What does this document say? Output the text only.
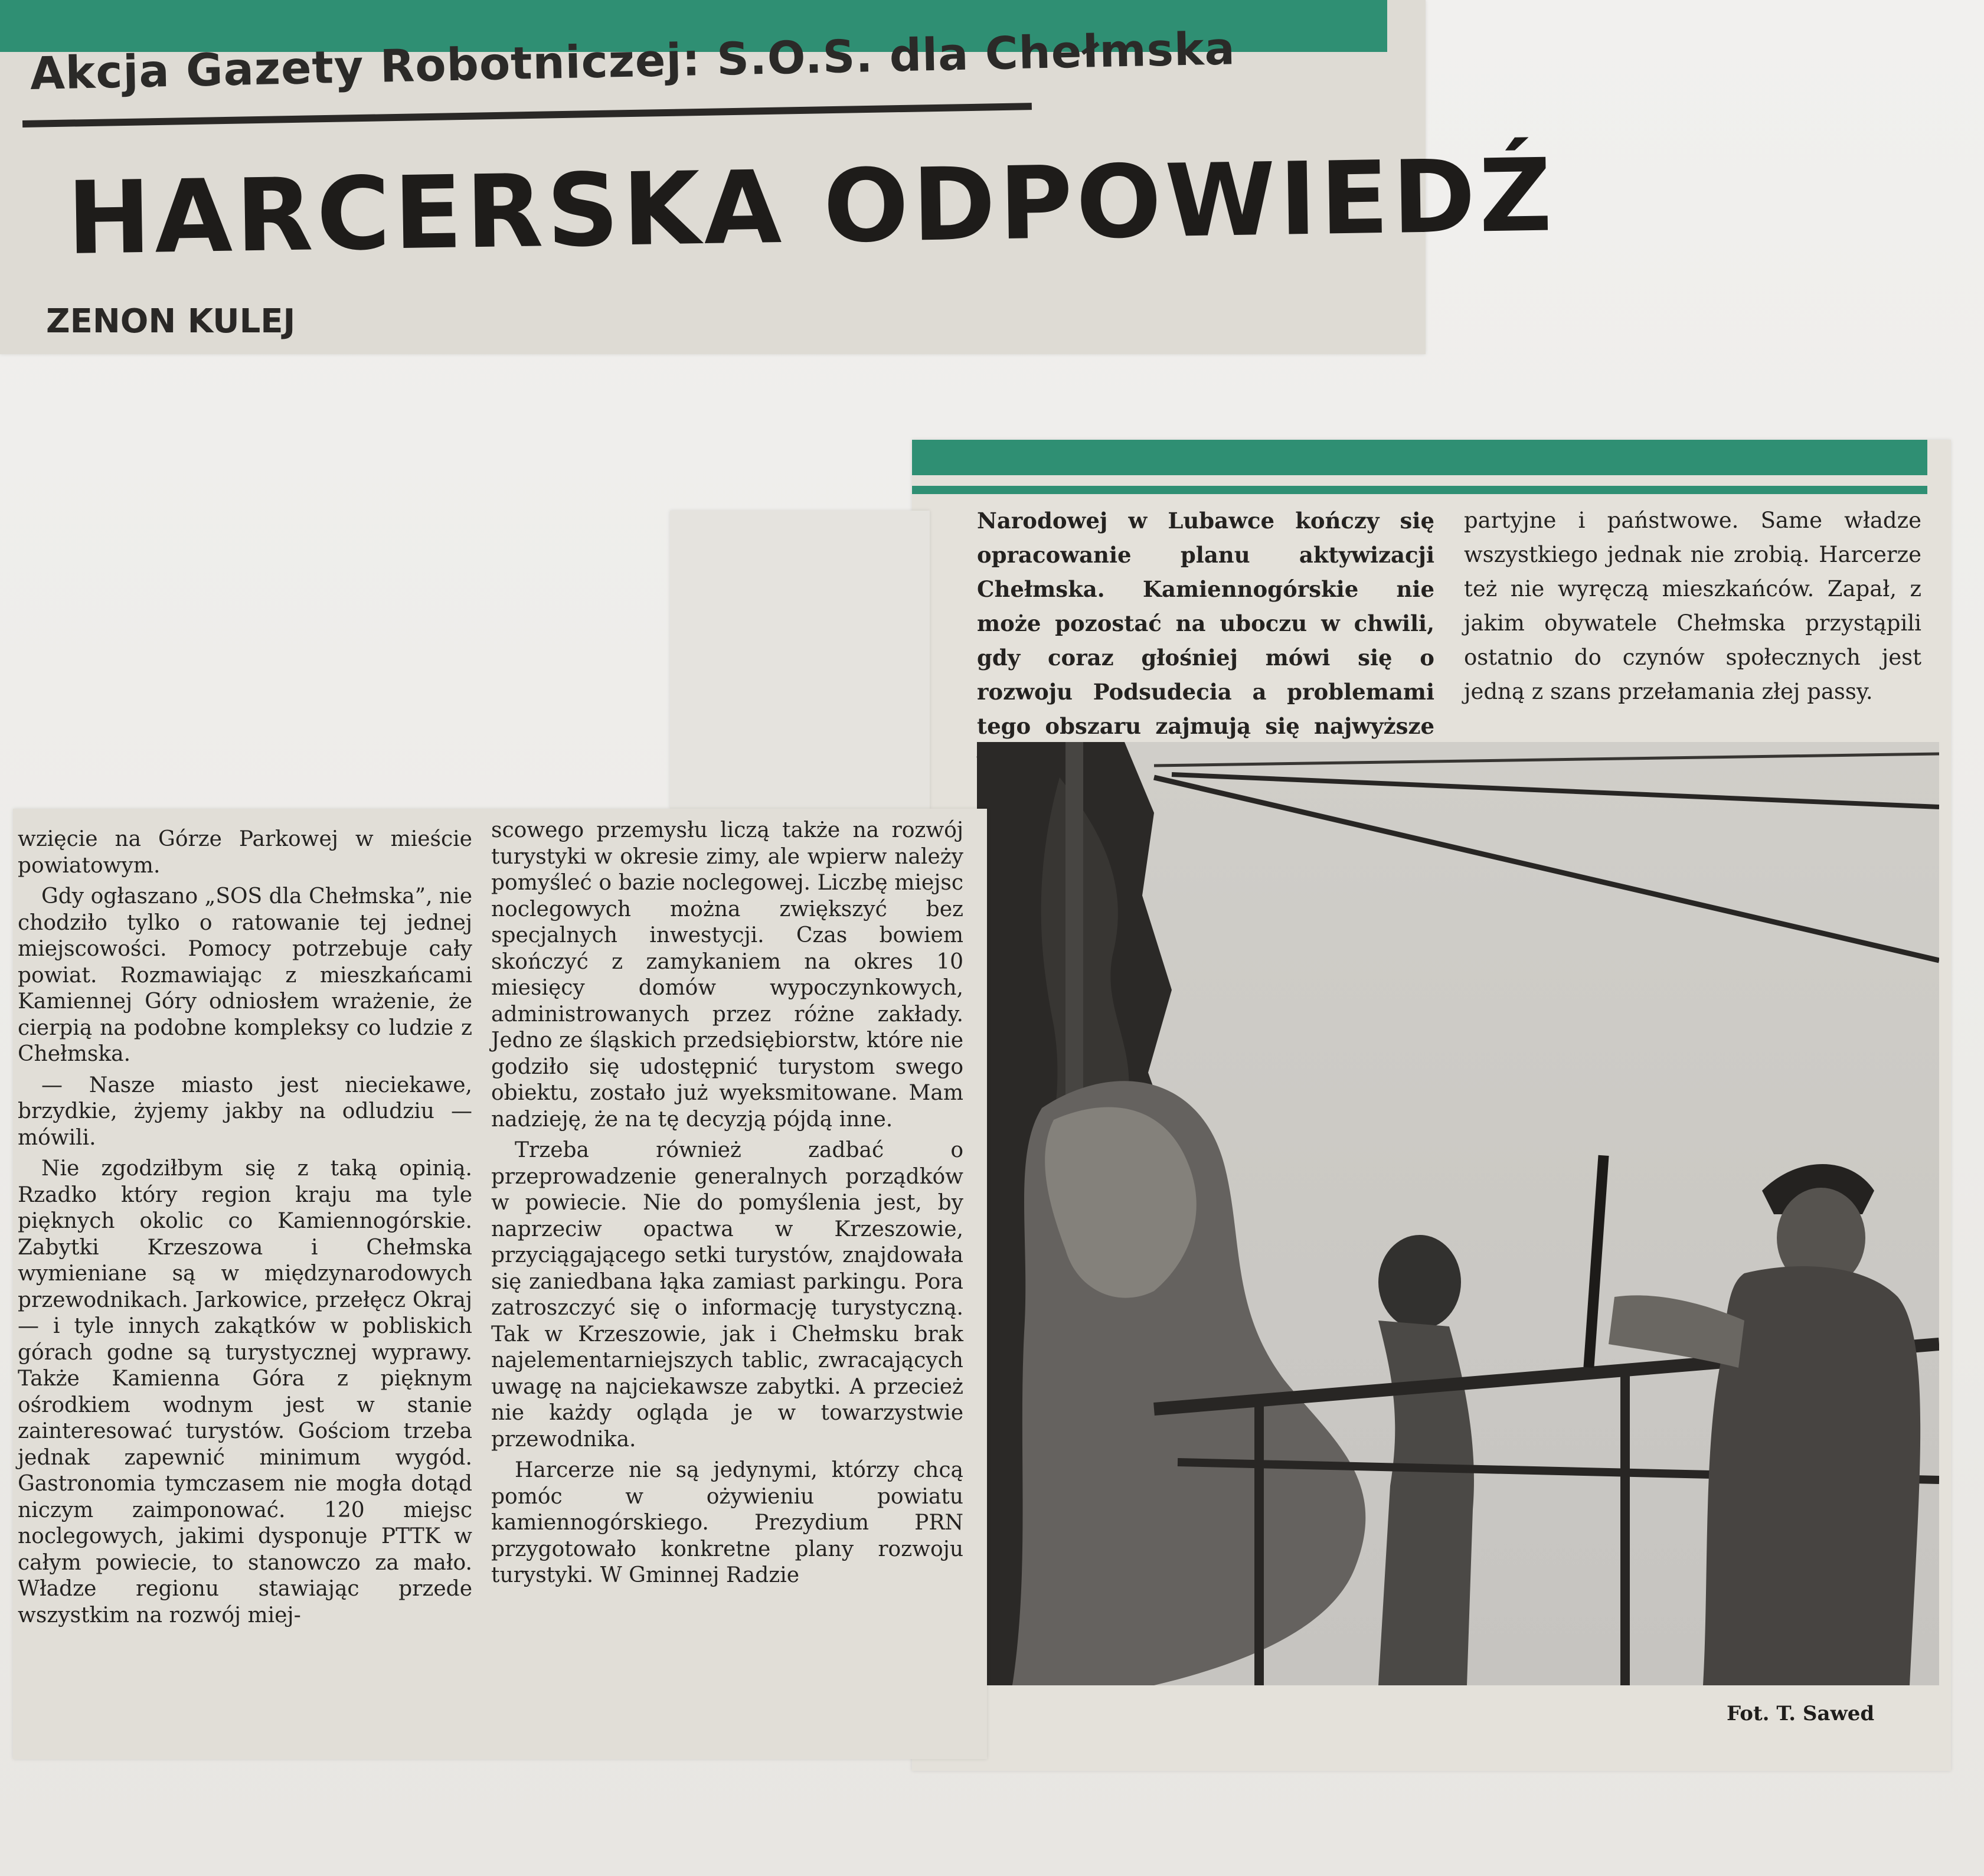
Akcja Gazety Robotniczej: S.O.S. dla Chełmska
HARCERSKA ODPOWIEDŹ
ZENON KULEJ
Narodowej w Lubawce kończy się opracowanie planu aktywizacji Chełmska. Kamiennogórskie nie może pozostać na uboczu w chwili, gdy coraz głośniej mówi się o rozwoju Podsudecia a problemami tego obszaru zajmują się najwyższe
partyjne i państwowe. Same władze wszystkiego jednak nie zrobią. Harcerze też nie wyręczą mieszkańców. Zapał, z jakim obywatele Chełmska przystąpili ostatnio do czynów społecznych jest jedną z szans przełamania złej passy.
Fot. T. Sawed

wzięcie na Górze Parkowej w mieście powiatowym.

Gdy ogłaszano „SOS dla Chełmska”, nie chodziło tylko o ratowanie tej jednej miejscowości. Pomocy potrzebuje cały powiat. Rozmawiając z mieszkańcami Kamiennej Góry odniosłem wrażenie, że cierpią na podobne kompleksy co ludzie z Chełmska.

— Nasze miasto jest nieciekawe, brzydkie, żyjemy jakby na odludziu — mówili.

Nie zgodziłbym się z taką opinią. Rzadko który region kraju ma tyle pięknych okolic co Kamiennogórskie. Zabytki Krzeszowa i Chełmska wymieniane są w międzynarodowych przewodnikach. Jarkowice, przełęcz Okraj — i tyle innych zakątków w pobliskich górach godne są turystycznej wyprawy. Także Kamienna Góra z pięknym ośrodkiem wodnym jest w stanie zainteresować turystów. Gościom trzeba jednak zapewnić minimum wygód. Gastronomia tymczasem nie mogła dotąd niczym zaimponować. 120 miejsc noclegowych, jakimi dysponuje PTTK w całym powiecie, to stanowczo za mało. Władze regionu stawiając przede wszystkim na rozwój miej-

scowego przemysłu liczą także na rozwój turystyki w okresie zimy, ale wpierw należy pomyśleć o bazie noclegowej. Liczbę miejsc noclegowych można zwiększyć bez specjalnych inwestycji. Czas bowiem skończyć z zamykaniem na okres 10 miesięcy domów wypoczynkowych, administrowanych przez różne zakłady. Jedno ze śląskich przedsiębiorstw, które nie godziło się udostępnić turystom swego obiektu, zostało już wyeksmitowane. Mam nadzieję, że na tę decyzją pójdą inne.

Trzeba również zadbać o przeprowadzenie generalnych porządków w powiecie. Nie do pomyślenia jest, by naprzeciw opactwa w Krzeszowie, przyciągającego setki turystów, znajdowała się zaniedbana łąka zamiast parkingu. Pora zatroszczyć się o informację turystyczną. Tak w Krzeszowie, jak i Chełmsku brak najelementarniejszych tablic, zwracających uwagę na najciekawsze zabytki. A przecież nie każdy ogląda je w towarzystwie przewodnika.

Harcerze nie są jedynymi, którzy chcą pomóc w ożywieniu powiatu kamiennogórskiego. Prezydium PRN przygotowało konkretne plany rozwoju turystyki. W Gminnej Radzie
